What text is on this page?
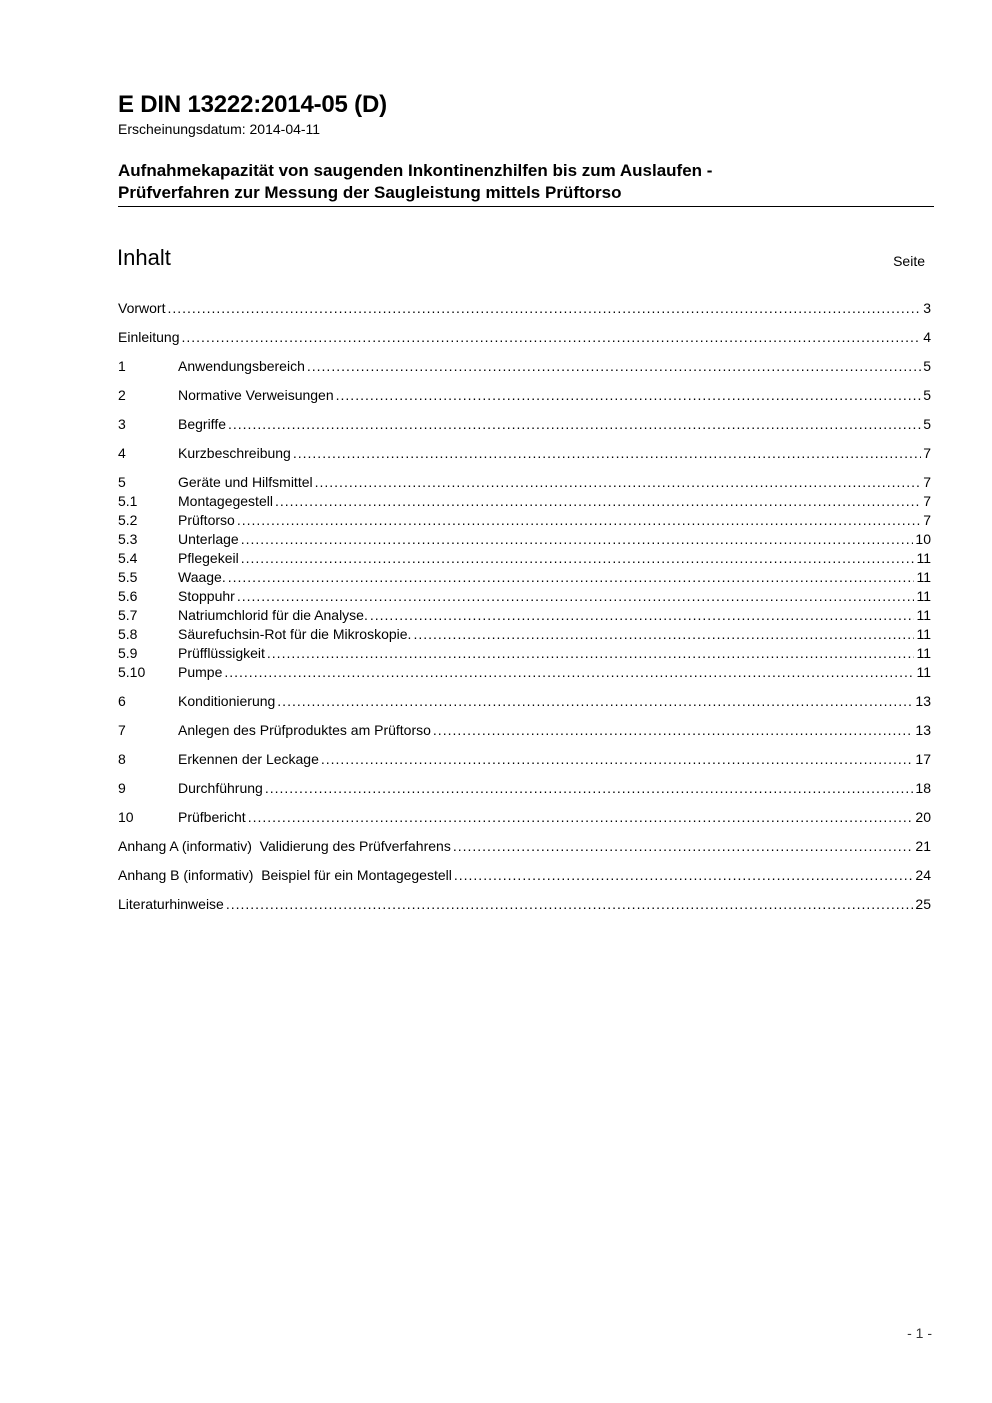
E DIN 13222:2014-05 (D)
Erscheinungsdatum: 2014-04-11
Aufnahmekapazität von saugenden Inkontinenzhilfen bis zum Auslaufen -
Prüfverfahren zur Messung der Saugleistung mittels Prüftorso
Inhalt	Seite
Vorwort .....	3
Einleitung .....	4
1	Anwendungsbereich .....	5
2	Normative Verweisungen .....	5
3	Begriffe .....	5
4	Kurzbeschreibung .....	7
5	Geräte und Hilfsmittel .....	7
5.1	Montagegestell .....	7
5.2	Prüftorso .....	7
5.3	Unterlage .....	10
5.4	Pflegekeil .....	11
5.5	Waage. .....	11
5.6	Stoppuhr .....	11
5.7	Natriumchlorid für die Analyse. .....	11
5.8	Säurefuchsin-Rot für die Mikroskopie. .....	11
5.9	Prüfflüssigkeit .....	11
5.10	Pumpe .....	11
6	Konditionierung .....	13
7	Anlegen des Prüfproduktes am Prüftorso .....	13
8	Erkennen der Leckage .....	17
9	Durchführung .....	18
10	Prüfbericht .....	20
Anhang A (informativ) Validierung des Prüfverfahrens .....	21
Anhang B (informativ) Beispiel für ein Montagegestell .....	24
Literaturhinweise .....	25
- 1 -
